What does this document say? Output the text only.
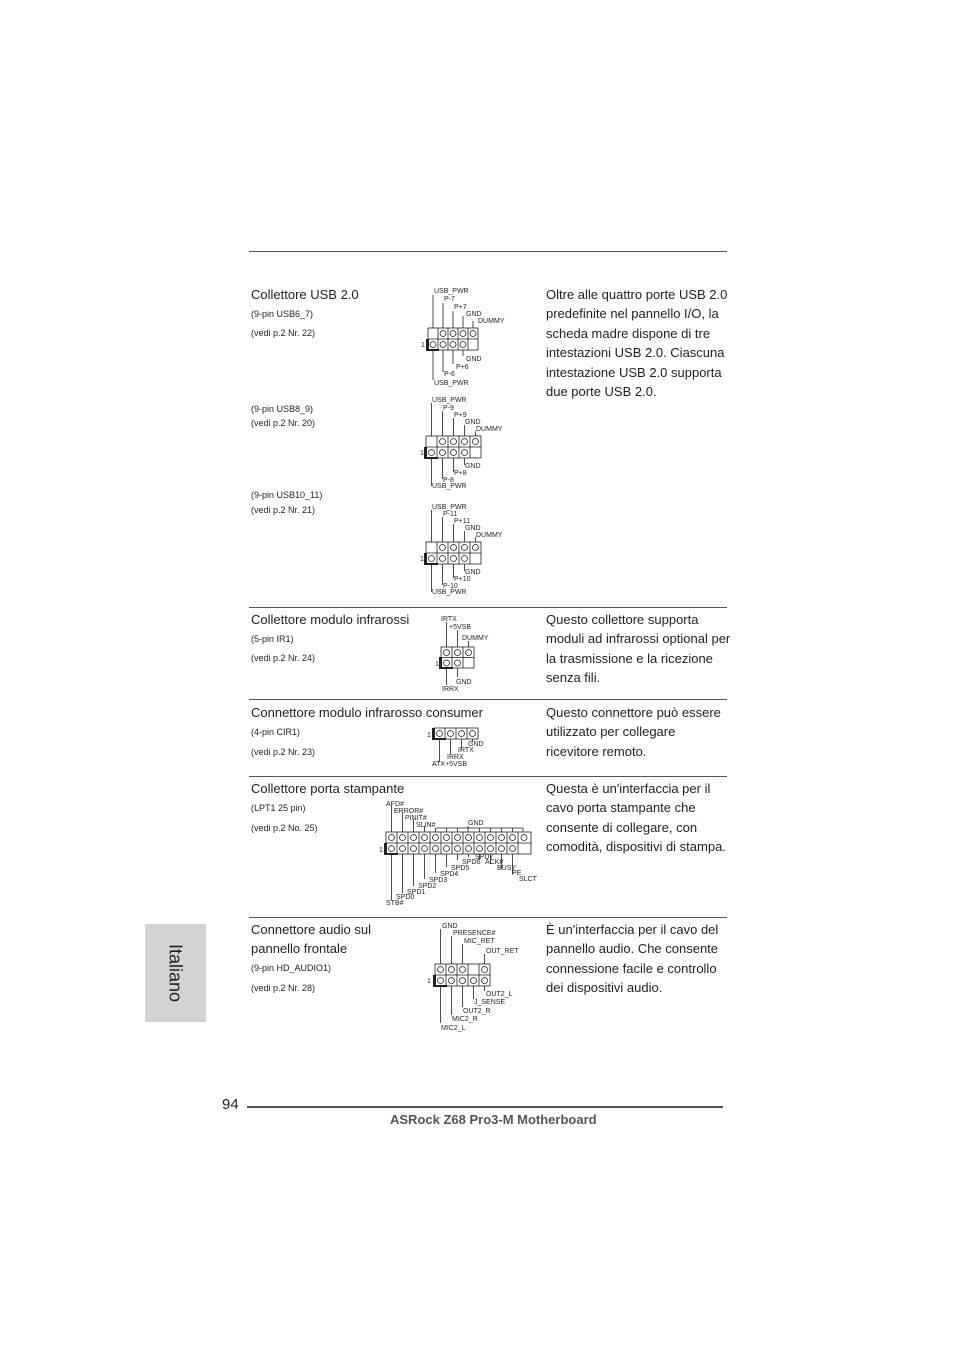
Collettore USB 2.0
(9-pin USB6_7)
(vedi p.2 Nr. 22)
(9-pin USB8_9)
(vedi p.2 Nr. 20)
(9-pin USB10_11)
(vedi p.2 Nr. 21)
Oltre alle quattro porte USB 2.0 predefinite nel pannello I/O, la scheda madre dispone di tre intestazioni USB 2.0. Ciascuna intestazione USB 2.0 supporta due porte USB 2.0.
1
USB_PWR
P-7
P+7
GND
DUMMY
GND
P+6
P-6
USB_PWR
1
USB_PWR
P-9
P+9
GND
DUMMY
GND
P+8
P-8
USB_PWR
1
USB_PWR
P-11
P+11
GND
DUMMY
GND
P+10
P-10
USB_PWR
Collettore modulo infrarossi
(5-pin IR1)
(vedi p.2 Nr. 24)
Questo collettore supporta moduli ad infrarossi optional per la trasmissione e la ricezione senza fili.
1
IRTX
+5VSB
DUMMY
GND
IRRX
Connettore modulo infrarosso consumer
(4-pin CIR1)
(vedi p.2 Nr. 23)
Questo connettore può essere utilizzato per collegare ricevitore remoto.
1
GND
IRTX
IRRX
ATX+5VSB
Collettore porta stampante
(LPT1 25 pin)
(vedi p.2 No. 25)
Questa è un'interfaccia per il cavo porta stampante che consente di collegare, con comodità, dispositivi di stampa.
1
AFD#
ERROR#
PINIT#
SLIN#	GND
SPD7
ACK#
BUSY
PE
SLCT
SPD6
SPD5
SPD4
SPD3
SPD2
SPD1
SPD0
STB#
Connettore audio sul
pannello frontale
(9-pin HD_AUDIO1)
(vedi p.2 Nr. 28)
È un'interfaccia per il cavo del pannello audio. Che consente connessione facile e controllo dei dispositivi audio.
1
GND
PRESENCE#
MIC_RET
OUT_RET
OUT2_L
J_SENSE
OUT2_R
MIC2_R
MIC2_L
Italiano
94
ASRock Z68 Pro3-M Motherboard
